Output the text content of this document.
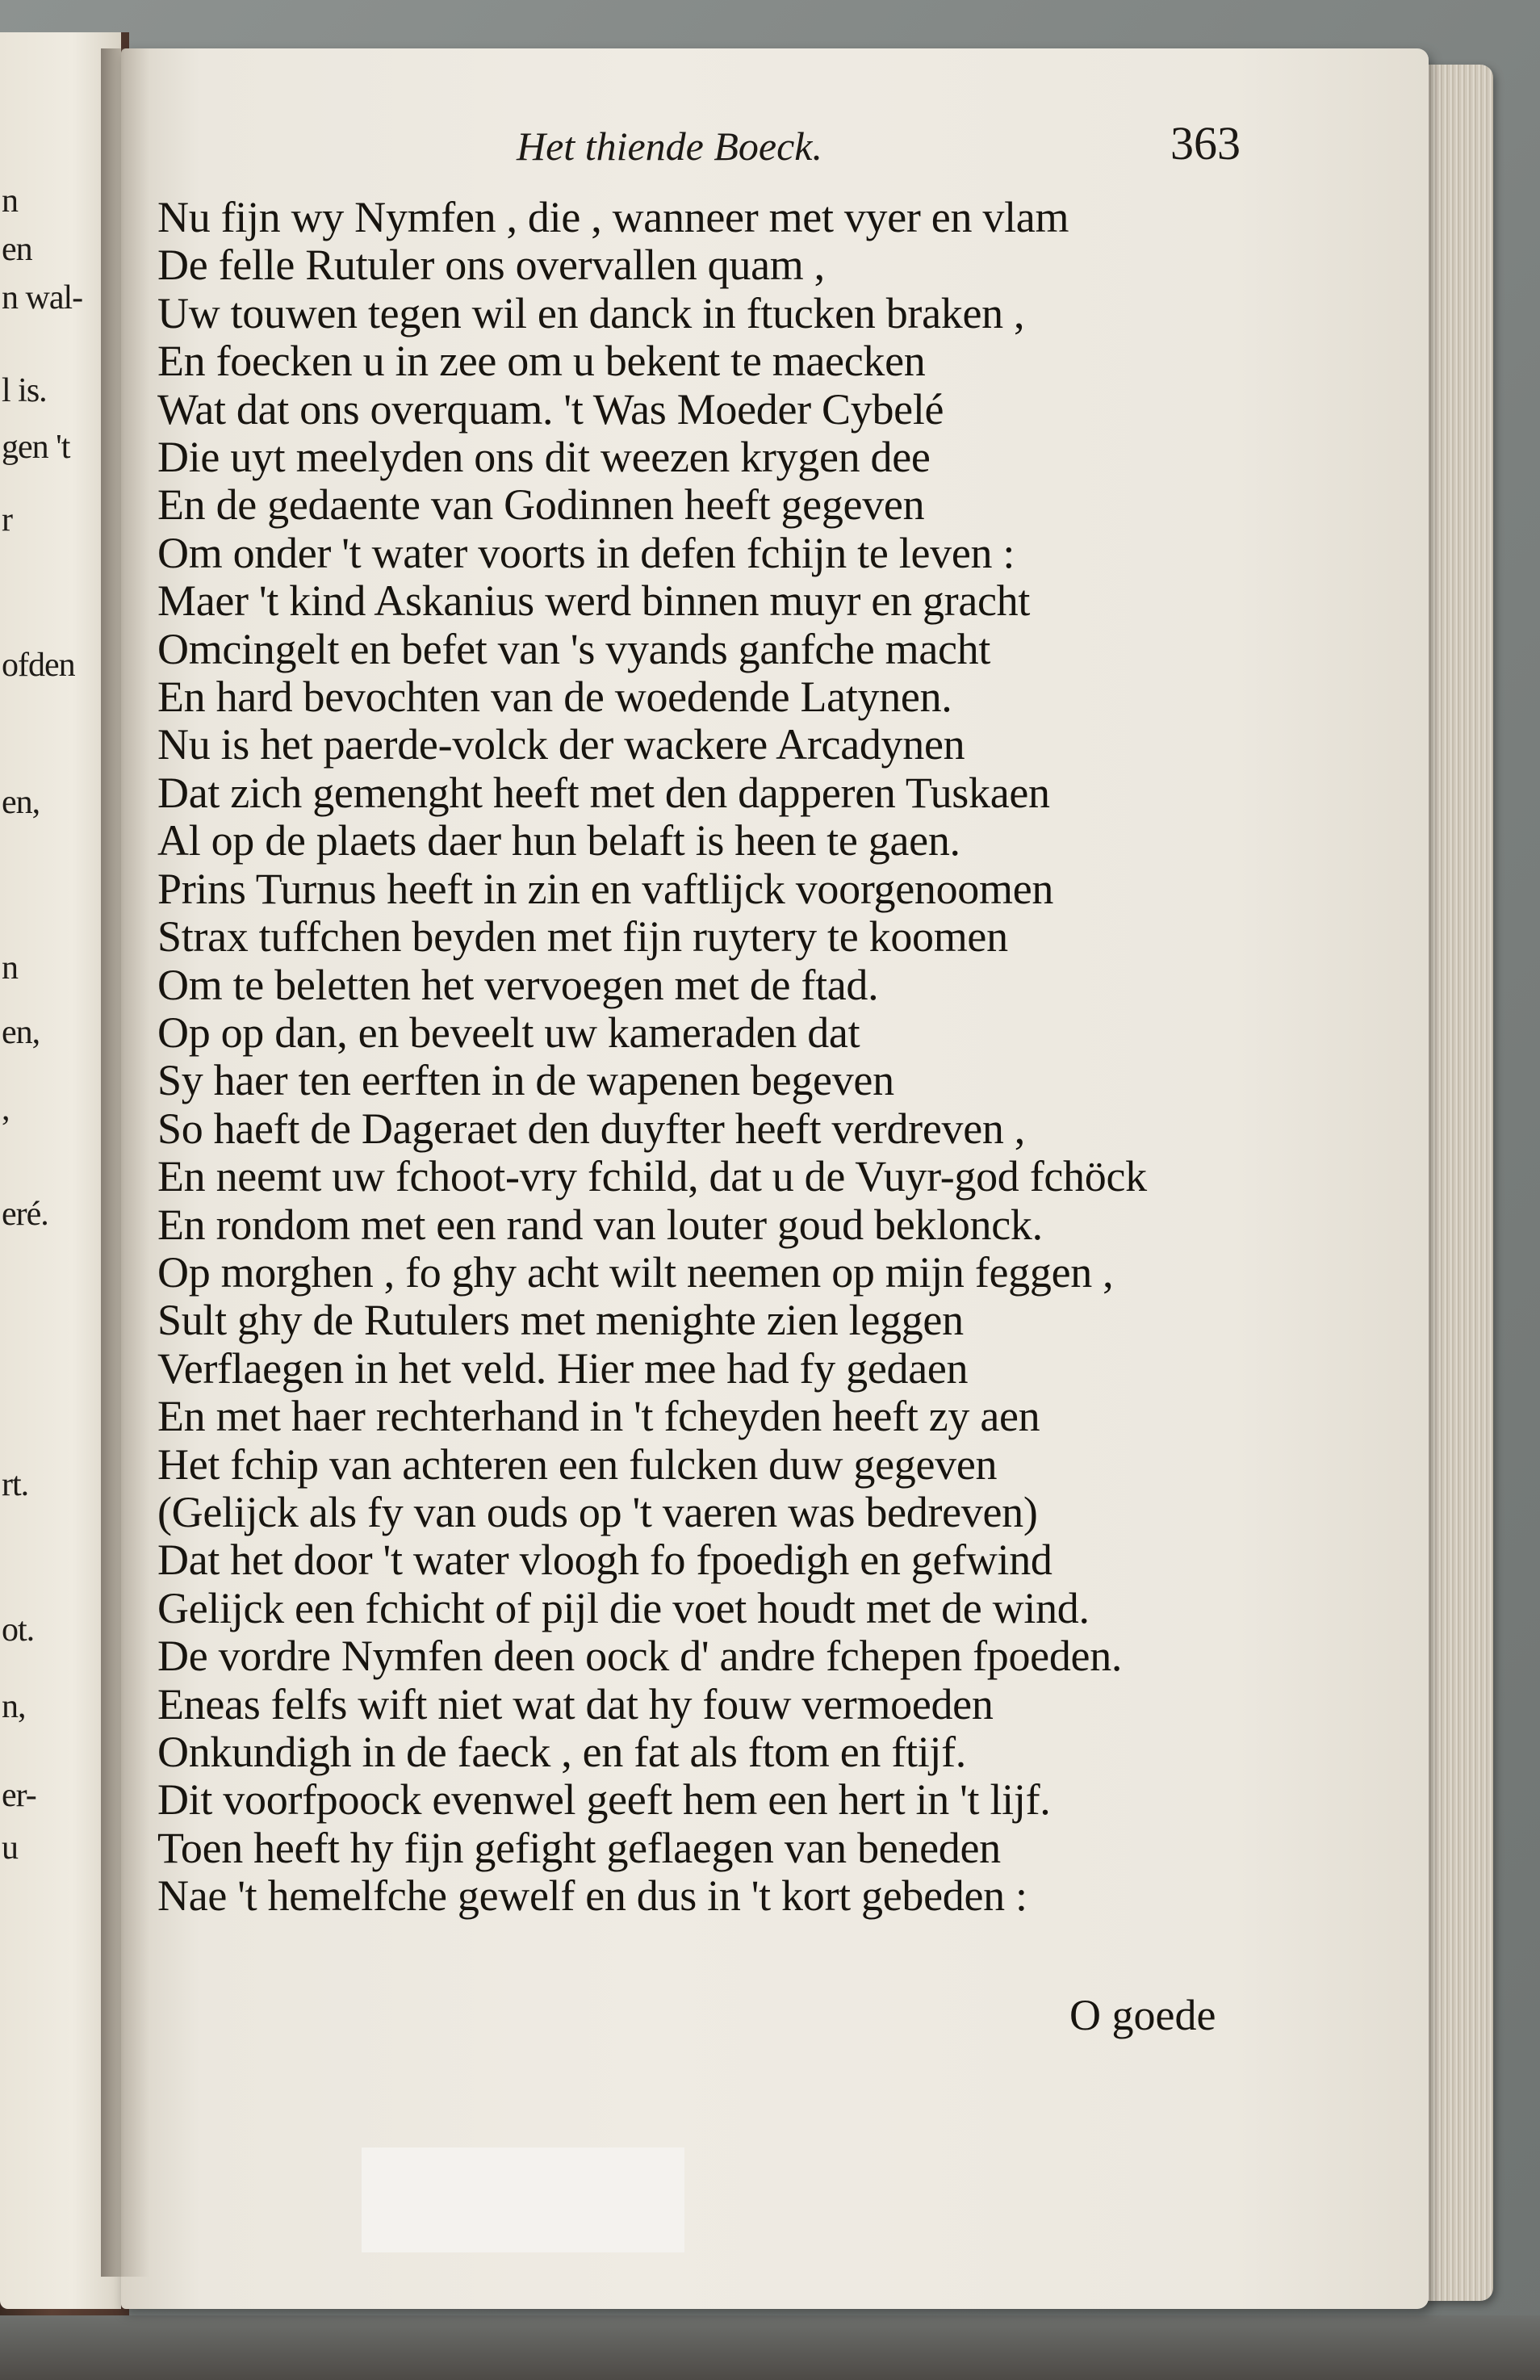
n
en
n wal-
l is.
gen 't
r
ofden
en,
n
en,
,
eré.
rt.
ot.
n,
er-
u
Het thiende Boeck.	363
Nu fijn wy Nymfen , die , wanneer met vyer en vlam
De felle Rutuler ons overvallen quam ,
Uw touwen tegen wil en danck in ftucken braken ,
En foecken u in zee om u bekent te maecken
Wat dat ons overquam. 't Was Moeder Cybelé
Die uyt meelyden ons dit weezen krygen dee
En de gedaente van Godinnen heeft gegeven
Om onder 't water voorts in defen fchijn te leven :
Maer 't kind Askanius werd binnen muyr en gracht
Omcingelt en befet van 's vyands ganfche macht
En hard bevochten van de woedende Latynen.
Nu is het paerde-volck der wackere Arcadynen
Dat zich gemenght heeft met den dapperen Tuskaen
Al op de plaets daer hun belaft is heen te gaen.
Prins Turnus heeft in zin en vaftlijck voorgenoomen
Strax tuffchen beyden met fijn ruytery te koomen
Om te beletten het vervoegen met de ftad.
Op op dan, en beveelt uw kameraden dat
Sy haer ten eerften in de wapenen begeven
So haeft de Dageraet den duyfter heeft verdreven ,
En neemt uw fchoot-vry fchild, dat u de Vuyr-god fchöck
En rondom met een rand van louter goud beklonck.
Op morghen , fo ghy acht wilt neemen op mijn feggen ,
Sult ghy de Rutulers met menighte zien leggen
Verflaegen in het veld. Hier mee had fy gedaen
En met haer rechterhand in 't fcheyden heeft zy aen
Het fchip van achteren een fulcken duw gegeven
(Gelijck als fy van ouds op 't vaeren was bedreven)
Dat het door 't water vloogh fo fpoedigh en gefwind
Gelijck een fchicht of pijl die voet houdt met de wind.
De vordre Nymfen deen oock d' andre fchepen fpoeden.
Eneas felfs wift niet wat dat hy fouw vermoeden
Onkundigh in de faeck , en fat als ftom en ftijf.
Dit voorfpoock evenwel geeft hem een hert in 't lijf.
Toen heeft hy fijn gefight geflaegen van beneden
Nae 't hemelfche gewelf en dus in 't kort gebeden :
O goede
